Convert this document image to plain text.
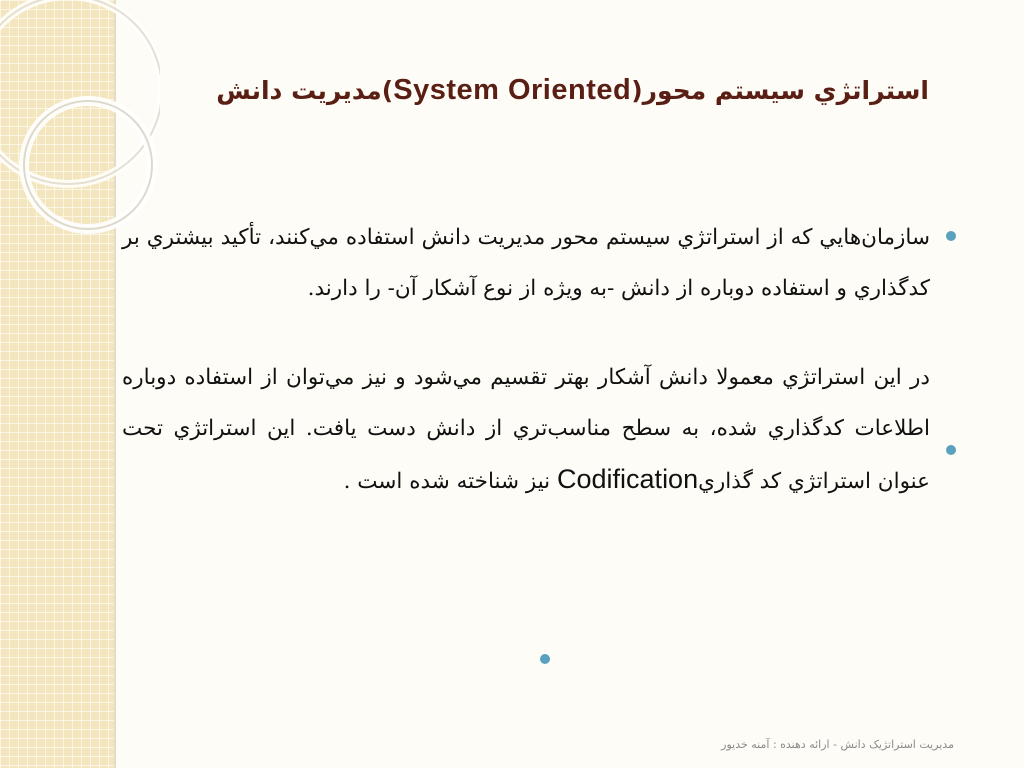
استراتژي سيستم محور(System Oriented)مديريت دانش
سازمان‌هايي که از استراتژي سيستم محور مديريت دانش استفاده مي‌کنند، تأکيد بيشتري بر کدگذاري و استفاده دوباره از دانش -به ويژه از نوع آشکار آن- را دارند.
در اين استراتژي معمولا دانش آشکار بهتر تقسيم مي‌شود و نيز مي‌توان از استفاده دوباره اطلاعات کدگذاري شده، به سطح مناسب‌تري از دانش دست يافت. اين استراتژي تحت عنوان استراتژي کد گذاريCodification نيز شناخته شده است .
مديريت استراتژيک دانش - ارائه دهنده : آمنه خديور
